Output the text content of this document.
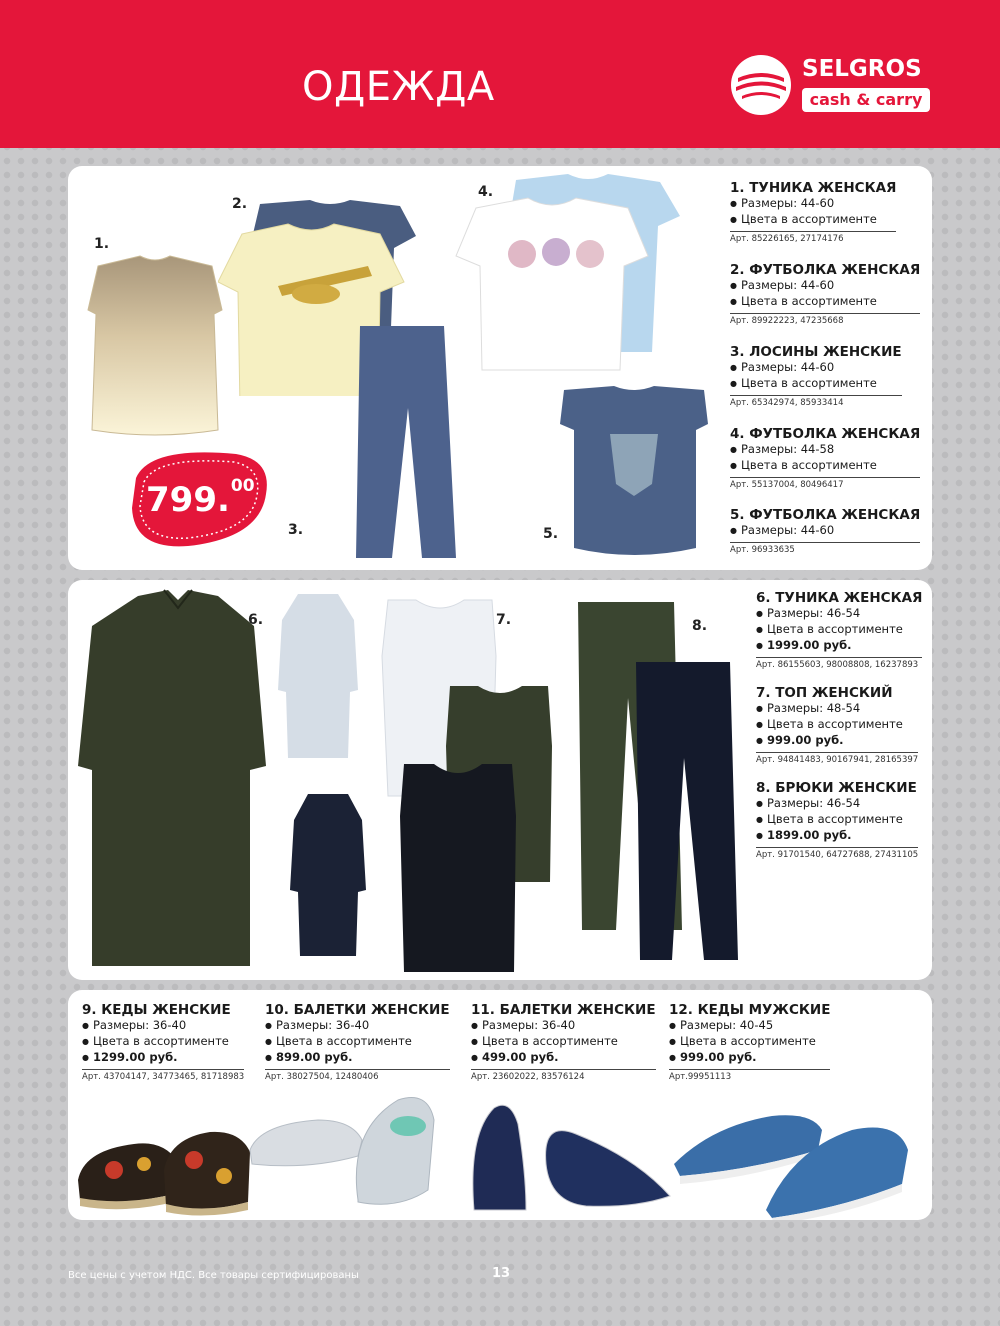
ОДЕЖДА	SELGROS
cash & carry
1.
2.
3.
4.
5.
799.00
1. ТУНИКА ЖЕНСКАЯ
● Размеры: 44-60
● Цвета в ассортименте
Арт. 85226165, 27174176
2. ФУТБОЛКА ЖЕНСКАЯ
● Размеры: 44-60
● Цвета в ассортименте
Арт. 89922223, 47235668
3. ЛОСИНЫ ЖЕНСКИЕ
● Размеры: 44-60
● Цвета в ассортименте
Арт. 65342974, 85933414
4. ФУТБОЛКА ЖЕНСКАЯ
● Размеры: 44-58
● Цвета в ассортименте
Арт. 55137004, 80496417
5. ФУТБОЛКА ЖЕНСКАЯ
● Размеры: 44-60
Арт. 96933635
6.	7.	8.
6. ТУНИКА ЖЕНСКАЯ
● Размеры: 46-54
● Цвета в ассортименте
● 1999.00 руб.
Арт. 86155603, 98008808, 16237893
7. ТОП ЖЕНСКИЙ
● Размеры: 48-54
● Цвета в ассортименте
● 999.00 руб.
Арт. 94841483, 90167941, 28165397
8. БРЮКИ ЖЕНСКИЕ
● Размеры: 46-54
● Цвета в ассортименте
● 1899.00 руб.
Арт. 91701540, 64727688, 27431105
9. КЕДЫ ЖЕНСКИЕ
● Размеры: 36-40
● Цвета в ассортименте
● 1299.00 руб.
Арт. 43704147, 34773465, 81718983
10. БАЛЕТКИ ЖЕНСКИЕ
● Размеры: 36-40
● Цвета в ассортименте
● 899.00 руб.
Арт. 38027504, 12480406
11. БАЛЕТКИ ЖЕНСКИЕ
● Размеры: 36-40
● Цвета в ассортименте
● 499.00 руб.
Арт. 23602022, 83576124
12. КЕДЫ МУЖСКИЕ
● Размеры: 40-45
● Цвета в ассортименте
● 999.00 руб.
Арт.99951113
Все цены с учетом НДС. Все товары сертифицированы	13
